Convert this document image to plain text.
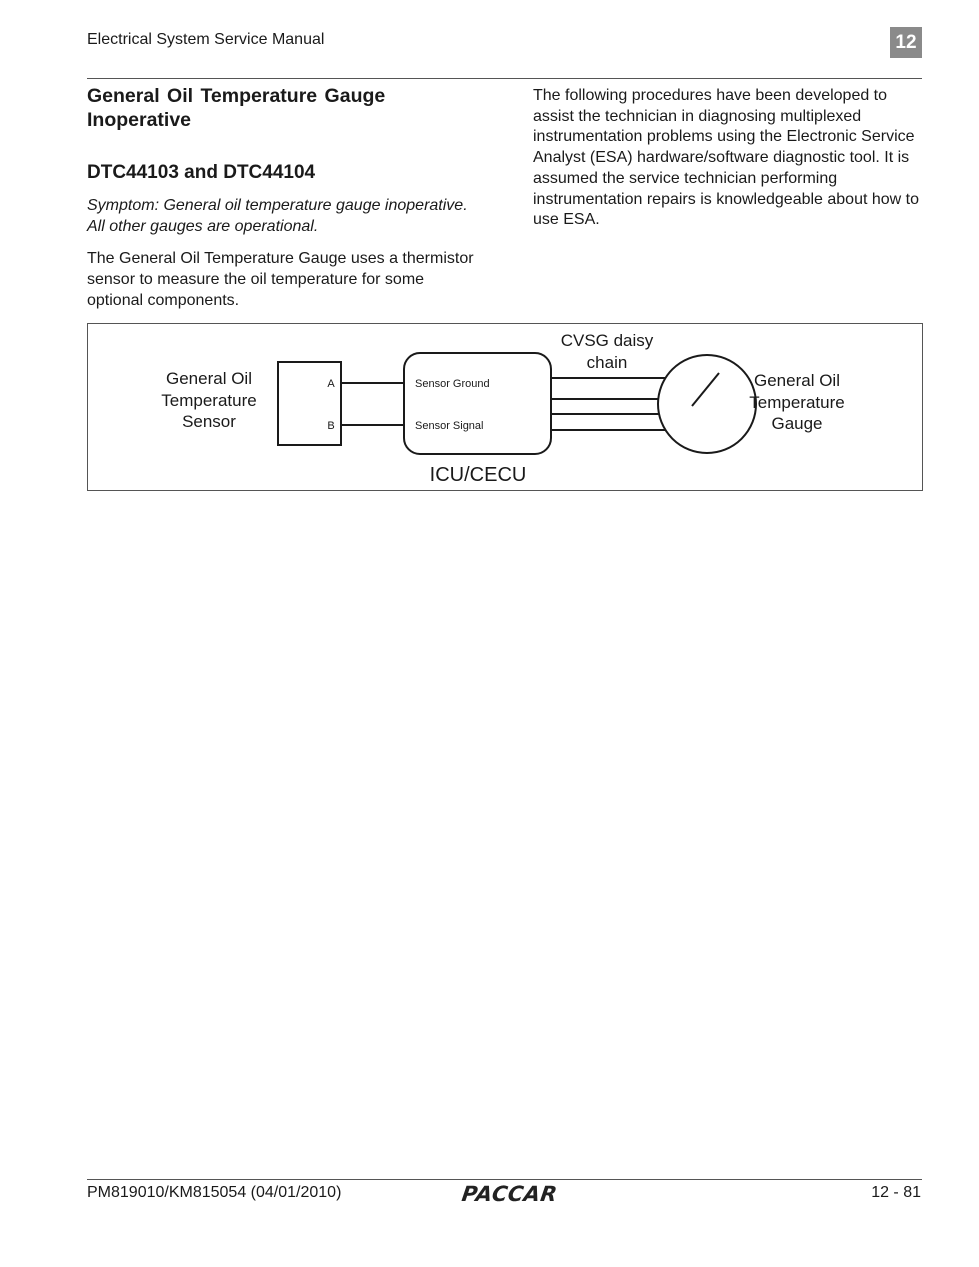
Electrical System Service Manual	12
General Oil Temperature Gauge Inoperative
DTC44103 and DTC44104

Symptom: General oil temperature gauge inoperative. All other gauges are operational.

The General Oil Temperature Gauge uses a thermistor sensor to measure the oil temperature for some optional components.

The following procedures have been developed to assist the technician in diagnosing multiplexed instrumentation problems using the Electronic Service Analyst (ESA) hardware/software diagnostic tool. It is assumed the service technician performing instrumentation repairs is knowledgeable about how to use ESA.

General Oil
Temperature
Sensor
A
B
Sensor Ground
Sensor Signal
CVSG daisy
chain
General Oil
Temperature
Gauge
ICU/CECU
PM819010/KM815054 (04/01/2010)	PACCAR	12 - 81
